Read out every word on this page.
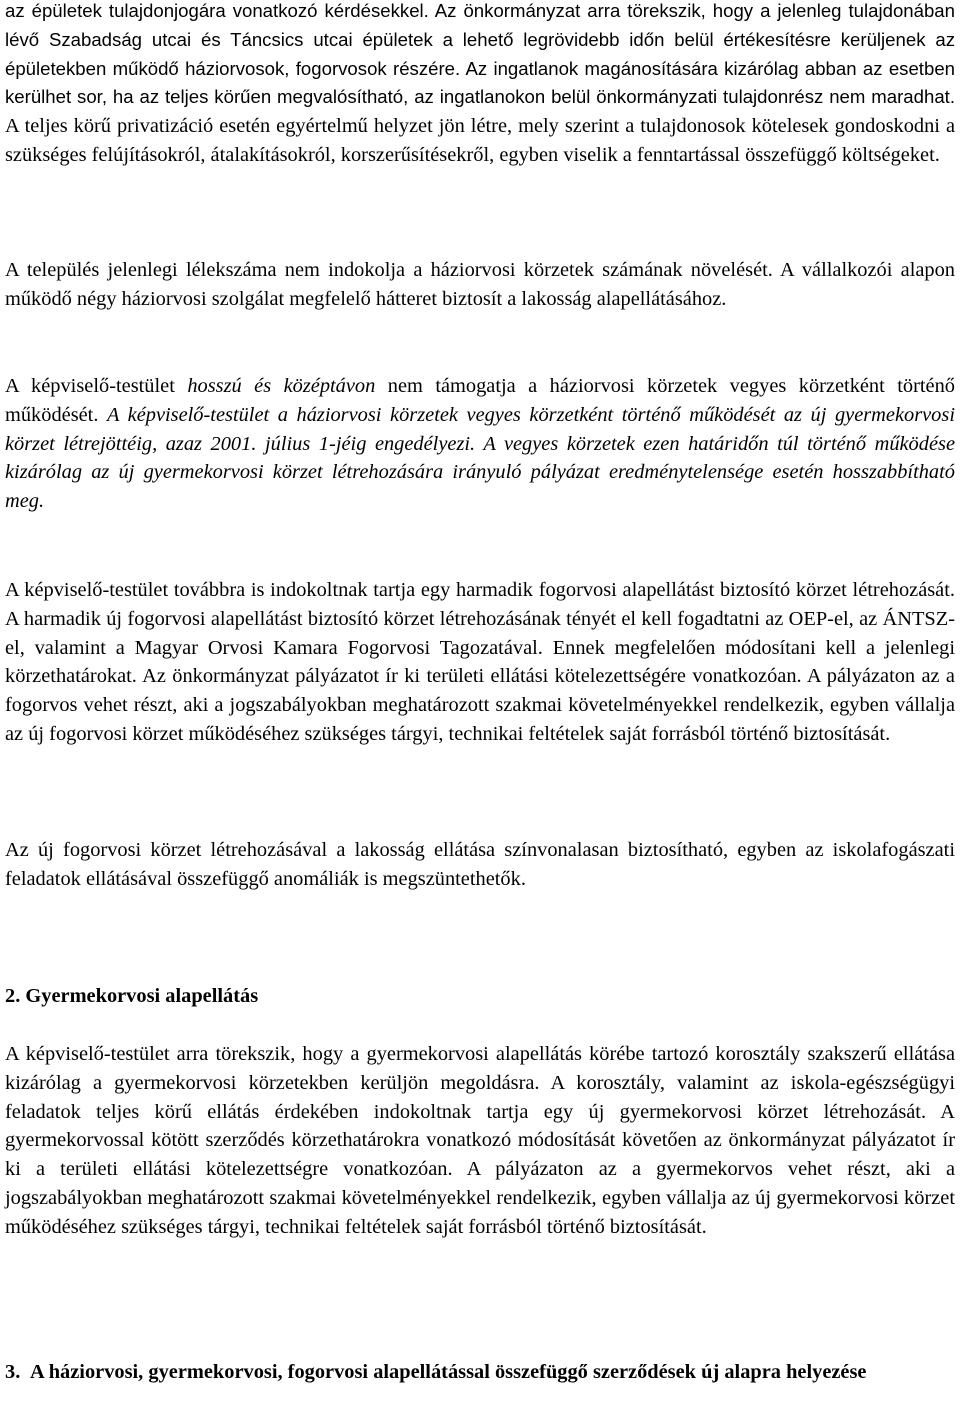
az épületek tulajdonjogára vonatkozó kérdésekkel. Az önkormányzat arra törekszik, hogy a jelenleg tulajdonában lévő Szabadság utcai és Táncsics utcai épületek a lehető legrövidebb időn belül értékesítésre kerüljenek az épületekben működő háziorvosok, fogorvosok részére. Az ingatlanok magánosítására kizárólag abban az esetben kerülhet sor, ha az teljes körűen megvalósítható, az ingatlanokon belül önkormányzati tulajdonrész nem maradhat. A teljes körű privatizáció esetén egyértelmű helyzet jön létre, mely szerint a tulajdonosok kötelesek gondoskodni a szükséges felújításokról, átalakításokról, korszerűsítésekről, egyben viselik a fenntartással összefüggő költségeket.

A település jelenlegi lélekszáma nem indokolja a háziorvosi körzetek számának növelését. A vállalkozói alapon működő négy háziorvosi szolgálat megfelelő hátteret biztosít a lakosság alapellátásához.

A képviselő-testület hosszú és középtávon nem támogatja a háziorvosi körzetek vegyes körzetként történő működését. A képviselő-testület a háziorvosi körzetek vegyes körzetként történő működését az új gyermekorvosi körzet létrejöttéig, azaz 2001. július 1-jéig engedélyezi. A vegyes körzetek ezen határidőn túl történő működése kizárólag az új gyermekorvosi körzet létrehozására irányuló pályázat eredménytelensége esetén hosszabbítható meg.

A képviselő-testület továbbra is indokoltnak tartja egy harmadik fogorvosi alapellátást biztosító körzet létrehozását. A harmadik új fogorvosi alapellátást biztosító körzet létrehozásának tényét el kell fogadtatni az OEP-el, az ÁNTSZ-el, valamint a Magyar Orvosi Kamara Fogorvosi Tagozatával. Ennek megfelelően módosítani kell a jelenlegi körzethatárokat. Az önkormányzat pályázatot ír ki területi ellátási kötelezettségére vonatkozóan. A pályázaton az a fogorvos vehet részt, aki a jogszabályokban meghatározott szakmai követelményekkel rendelkezik, egyben vállalja az új fogorvosi körzet működéséhez szükséges tárgyi, technikai feltételek saját forrásból történő biztosítását.

Az új fogorvosi körzet létrehozásával a lakosság ellátása színvonalasan biztosítható, egyben az iskolafogászati feladatok ellátásával összefüggő anomáliák is megszüntethetők.

2. Gyermekorvosi alapellátás

A képviselő-testület arra törekszik, hogy a gyermekorvosi alapellátás körébe tartozó korosztály szakszerű ellátása kizárólag a gyermekorvosi körzetekben kerüljön megoldásra. A korosztály, valamint az iskola-egészségügyi feladatok teljes körű ellátás érdekében indokoltnak tartja egy új gyermekorvosi körzet létrehozását. A gyermekorvossal kötött szerződés körzethatárokra vonatkozó módosítását követően az önkormányzat pályázatot ír ki a területi ellátási kötelezettségre vonatkozóan. A pályázaton az a gyermekorvos vehet részt, aki a jogszabályokban meghatározott szakmai követelményekkel rendelkezik, egyben vállalja az új gyermekorvosi körzet működéséhez szükséges tárgyi, technikai feltételek saját forrásból történő biztosítását.

3. A háziorvosi, gyermekorvosi, fogorvosi alapellátással összefüggő szerződések új alapra helyezése
